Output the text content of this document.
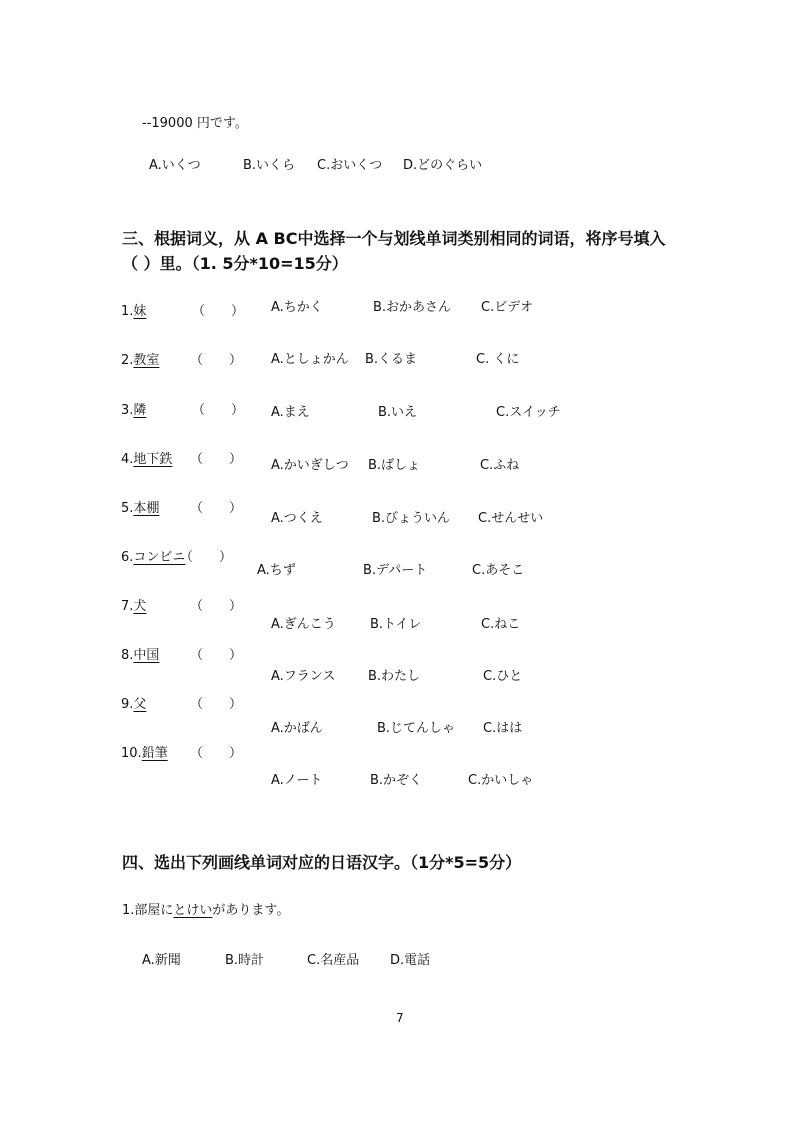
--19000 円です。
A.いくつ	B.いくら C.おいくつ D.どのぐらい
三、根据词义，从 A BC中选择一个与划线单词类别相同的词语，将序号填入
（ ）里。（1. 5分*10=15分）
1.妹	（　　） A.ちかく	B.おかあさん C.ビデオ
2.教室 （　　） A.としょかん B.くるま	C. くに
3.隣	（　　） A.まえ	B.いえ	C.スイッチ
4.地下鉄 （　　） A.かいぎしつ B.ばしょ	C.ふね
5.本棚 （　　）
A.つくえ	B.びょういん C.せんせい
6.コンビニ
（　　）
A.ちず	B.デパート	C.あそこ
7.犬	（　　）
A.ぎんこう	B.トイレ	C.ねこ
8.中国 （　　）
A.フランス	B.わたし	C.ひと
9.父	（　　）
A.かばん	B.じてんしゃ C.はは
10.鉛筆 （　　）
A.ノート	B.かぞく	C.かいしゃ
四、选出下列画线单词对应的日语汉字。（1分*5=5分）
1.部屋にとけいがあります。
A.新聞	B.時計	C.名産品 D.電話
7
